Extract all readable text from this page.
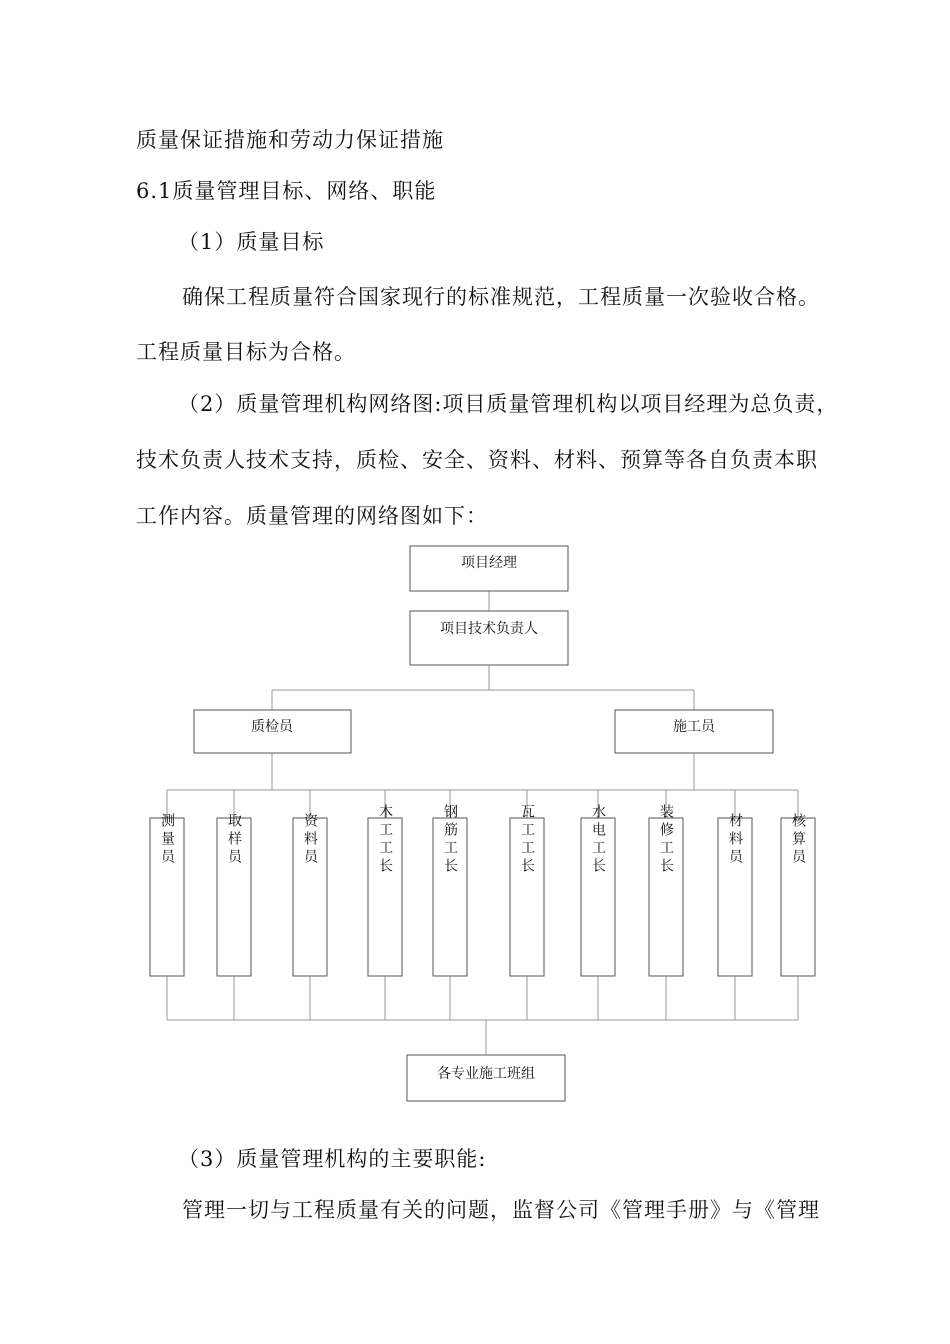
质量保证措施和劳动力保证措施

6.1质量管理目标、网络、职能

（1）质量目标

确保工程质量符合国家现行的标准规范，工程质量一次验收合格。

工程质量目标为合格。

（2）质量管理机构网络图:项目质量管理机构以项目经理为总负责，

技术负责人技术支持，质检、安全、资料、材料、预算等各自负责本职

工作内容。质量管理的网络图如下：

项目经理
项目技术负责人
质检员	施工员
测量员	取样员	资料员	木工工长	钢筋工长	瓦工工长	水电工长	装修工长	材料员	核算员
各专业施工班组

（3）质量管理机构的主要职能:

管理一切与工程质量有关的问题，监督公司《管理手册》与《管理
